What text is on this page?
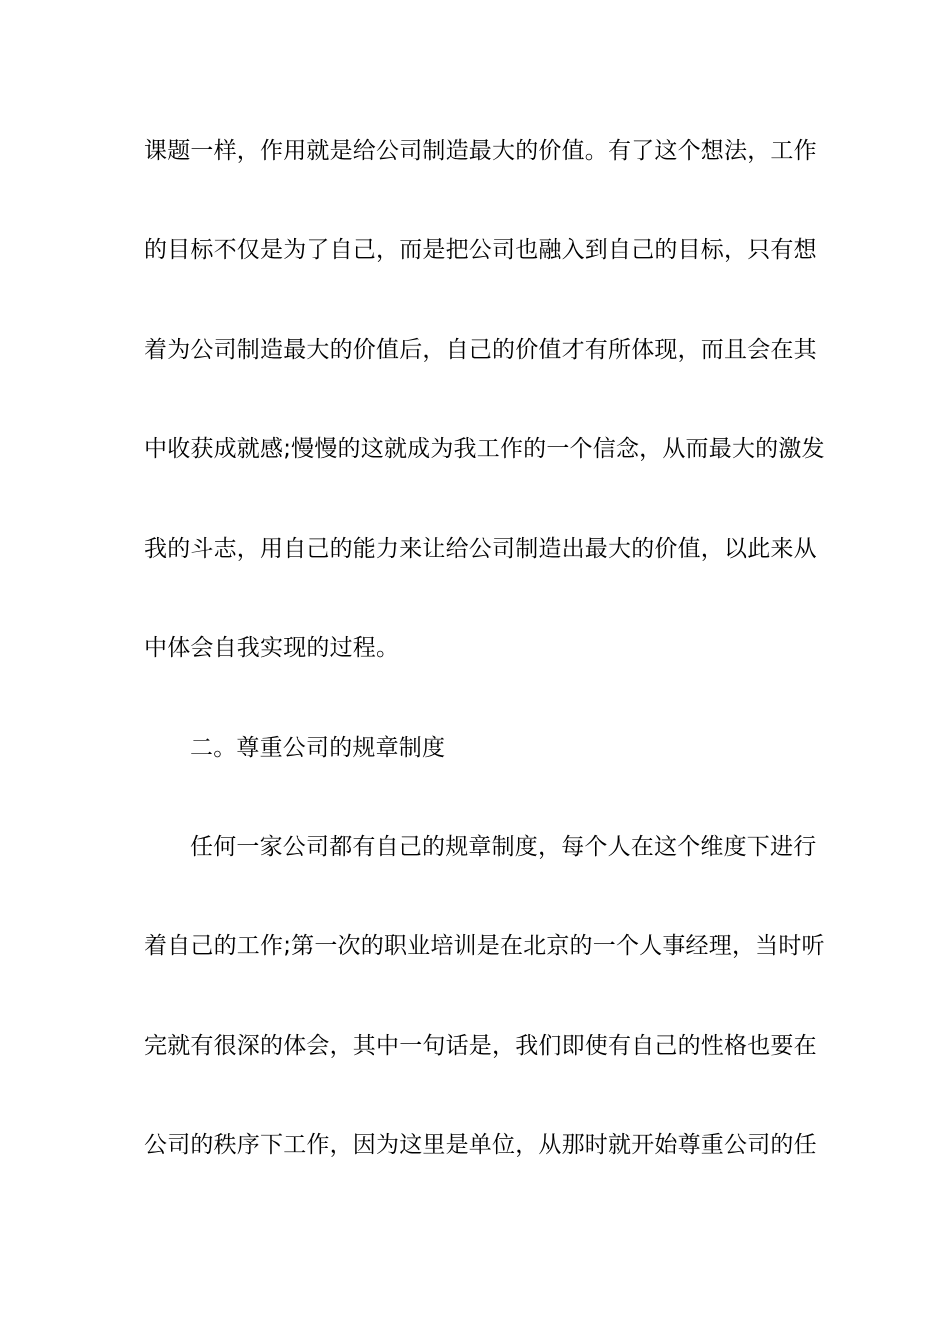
课题一样，作用就是给公司制造最大的价值。有了这个想法，工作
的目标不仅是为了自己，而是把公司也融入到自己的目标，只有想
着为公司制造最大的价值后，自己的价值才有所体现，而且会在其
中收获成就感;慢慢的这就成为我工作的一个信念，从而最大的激发
我的斗志，用自己的能力来让给公司制造出最大的价值，以此来从
中体会自我实现的过程。
二。尊重公司的规章制度
任何一家公司都有自己的规章制度，每个人在这个维度下进行
着自己的工作;第一次的职业培训是在北京的一个人事经理，当时听
完就有很深的体会，其中一句话是，我们即使有自己的性格也要在
公司的秩序下工作，因为这里是单位，从那时就开始尊重公司的任
